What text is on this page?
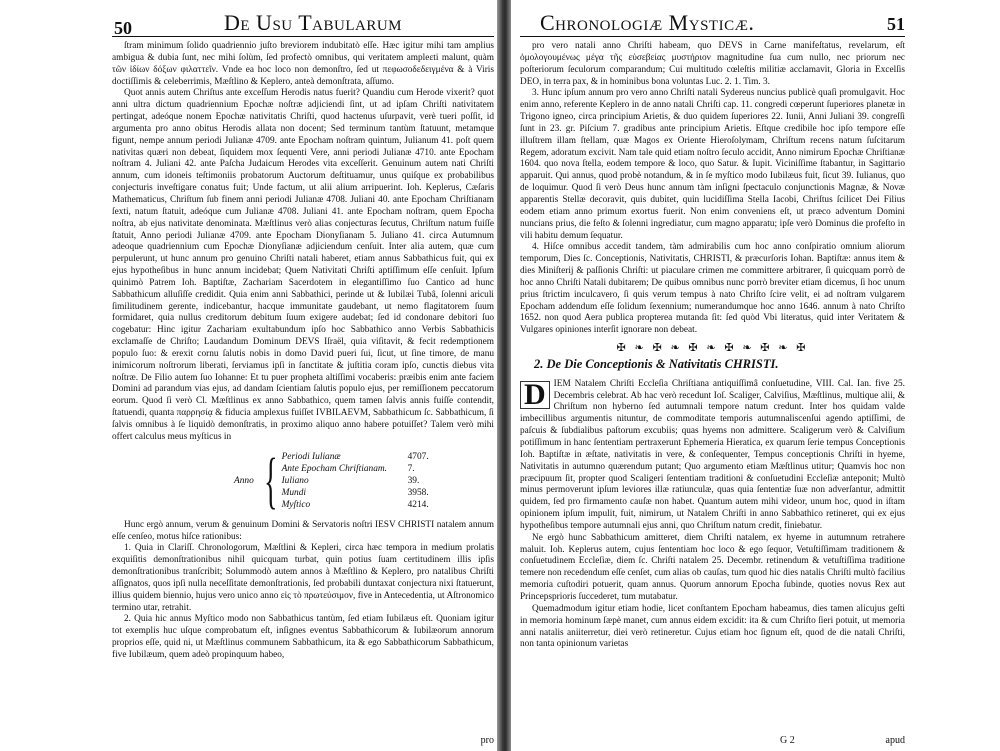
50	De Usu Tabularum

ſtram minimum ſolido quadriennio juſto breviorem indubitatò eſſe. Hæc igitur mihi tam amplius ambigua & dubia ſunt, nec mihi ſolùm, ſed profectò omnibus, qui veritatem ampleɛti malunt, quàm τῶν ἰδίων δόξων φιλαττεῖν. Vnde ea hoc loco non demonſtro, ſed ut πεφωσοδεδειγμένα & à Viris doctiſſimis & celeberrimis, Mæſtlino & Keplero, anteà demonſtrata, aſſumo.

Quot annis autem Chriſtus ante exceſſum Herodis natus fuerit? Quandiu cum Herode vixerit? quot anni ultra dictum quadriennium Epochæ noſtræ adjiciendi ſint, ut ad ipſam Chriſti nativitatem pertingat, adeóque nonem Epochæ nativitatis Chriſti, quod hactenus uſurpavit, verè tueri poſſit, id argumenta pro anno obitus Herodis allata non docent; Sed terminum tantùm ſtatuunt, metamque figunt, nempe annum periodi Julianæ 4709. ante Epocham noſtram quintum, Julianum 41. poſt quem nativitas quæri non debeat, ſiquidem mox ſequenti Vere, anni periodi Julianæ 4710. ante Epocham noſtram 4. Juliani 42. ante Paſcha Judaicum Herodes vita exceſſerit. Genuinum autem nati Chriſti annum, cum idoneis teſtimoniis probatorum Auctorum deſtituamur, unus quiſque ex probabilibus conjecturis inveſtigare conatus fuit; Unde factum, ut alii alium arripuerint. Ioh. Keplerus, Cæſaris Mathematicus, Chriſtum ſub finem anni periodi Julianæ 4708. Juliani 40. ante Epocham Chriſtianam ſexti, natum ſtatuit, adeóque cum Julianæ 4708. Juliani 41. ante Epocham noſtram, quem Epocha noſtra, ab ejus nativitate denominata. Mæſtlinus verò alias conjecturas ſecutus, Chriſtum natum fuiſſe ſtatuit, Anno periodi Julianæ 4709. ante Epocham Dionyſianam 5. Juliano 41. circa Autumnum adeoque quadriennium cum Epochæ Dionyſianæ adjiciendum cenſuit. Inter alia autem, quæ cum perpulerunt, ut hunc annum pro genuino Chriſti natali haberet, etiam annus Sabbathicus fuit, qui ex ejus hypotheſibus in hunc annum incidebat; Quem Nativitati Chriſti aptiſſimum eſſe cenſuit. Ipſum quinimò Patrem Ioh. Baptiſtæ, Zachariam Sacerdotem in elegantiſſimo ſuo Cantico ad hunc Sabbathicum alluſiſſe credidit. Quia enim anni Sabbathici, perinde ut & Iubilæi Tubâ, ſolenni ariculi ſimilitudinem gerente, indicebantur, hacque immunitate gaudebant, ut nemo flagitatorem ſuum formidaret, quia nullus creditorum debitum ſuum exigere audebat; ſed id condonare debitori ſuo cogebatur: Hinc igitur Zachariam exultabundum ipſo hoc Sabbathico anno Verbis Sabbathicis exclamaſſe de Chriſto; Laudandum Dominum DEVS Iſraël, quia viſitavit, & fecit redemptionem populo ſuo: & erexit cornu ſalutis nobis in domo David pueri ſui, ſicut, ut ſine timore, de manu inimicorum noſtrorum liberati, ſerviamus ipſi in ſanctitate & juſtitia coram ipſo, cunctis diebus vita noſtræ. De Filio autem ſuo Iohanne: Et tu puer propheta altiſſimi vocaberis: præibis enim ante faciem Domini ad parandum vias ejus, ad dandam ſcientiam ſalutis populo ejus, per remiſſionem peccatorum eorum. Quod ſi verò Cl. Mæſtlinus ex anno Sabbathico, quem tamen ſalvis annis fuiſſe contendit, ſtatuendi, quanta παρρησίᾳ & fiducia amplexus fuiſſet IVBILAEVM, Sabbathicum ſc. Sabbathicum, ſi ſalvis omnibus à ſe liquidò demonſtratis, in proximo aliquo anno habere potuiſſet? Talem verò mihi offert calculus meus myſticus in

Anno { Periodi Iulianæ	4707.
Ante Epocham Chriſtianam.	7.
Iuliano	39.
Mundi	3958.
Myſtico	4214.

Hunc ergò annum, verum & genuinum Domini & Servatoris noſtri IESV CHRISTI natalem annum eſſe cenſeo, motus hiſce rationibus:

1. Quia in Clariſſ. Chronologorum, Mæſtlini & Kepleri, circa hæc tempora in medium prolatis exquiſitis demonſtrationibus nihil quicquam turbat, quin potius ſuam certitudinem illis ipſis demonſtrationibus tranſcribit; Solummodò autem annos à Mæſtlino & Keplero, pro natalibus Chriſti aſſignatos, quos ipſi nulla neceſſitate demonſtrationis, ſed probabili duntaxat conjectura nixi ſtatuerunt, illius quidem biennio, hujus vero unico anno εἰς τὸ πρωτεύσιμον, five in Antecedentia, ut Aſtronomico termino utar, retrahit.

2. Quia hic annus Myſtico modo non Sabbathicus tantùm, ſed etiam Iubilæus eſt. Quoniam igitur tot exemplis huc uſque comprobatum eſt, inſignes eventus Sabbathicorum & Iubilæorum annorum proprios eſſe, quid ni, ut Mæſtlinus communem Sabbathicum, ita & ego Sabbathicorum Sabbathicum, five Iubilæum, quem adeò propinquum habeo,

pro
Chronologiæ Myſticæ.	51

pro vero natali anno Chriſti habeam, quo DEVS in Carne manifeſtatus, revelarum, eſt ὁμολογουμένως μέγα τῆς εὐσεβείας μυστήριον magnitudine ſua cum nullo, nec priorum nec poſteriorum ſeculorum comparandum; Cui multitudo cœleſtis militiæ acclamavit, Gloria in Excelſis DEO, in terra pax, & in hominibus bona voluntas Luc. 2. 1. Tim. 3.

3. Hunc ipſum annum pro vero anno Chriſti natali Sydereus nuncius publicè quaſi promulgavit. Hoc enim anno, referente Keplero in de anno natali Chriſti cap. 11. congredi cœperunt ſuperiores planetæ in Trigono igneo, circa principium Arietis, & duo quidem ſuperiores 22. Iunii, Anni Juliani 39. congreſſi ſunt in 23. gr. Piſcium 7. gradibus ante principium Arietis. Eſtque credibile hoc ipſo tempore eſſe illuſtrem illam ſtellam, quæ Magos ex Oriente Hieroſolymam, Chriſtum recens natum ſuſcitarum Regem, adoratum excivit. Nam tale quid etiam noſtro ſeculo accidit, Anno nimirum Epochæ Chriſtianæ 1604. quo nova ſtella, eodem tempore & loco, quo Satur. & Iupit. Viciniſſime ſtabantur, in Sagittario apparuit. Qui annus, quod probè notandum, & in ſe myſtico modo Iubilæus fuit, ſicut 39. Iulianus, quo de loquimur. Quod ſi verò Deus hunc annum tàm inſigni ſpectaculo conjunctionis Magnæ, & Novæ apparentis Stellæ decoravit, quis dubitet, quin lucidiſſima Stella Iacobi, Chriſtus ſcilicet Dei Filius eodem etiam anno primum exortus fuerit. Non enim conveniens eſt, ut præco adventum Domini nuncians prius, die feſto & ſolenni ingrediatur, cum magno apparatu; ipſe verò Dominus die profeſto in vili habitu demum ſequatur.

4. Hiſce omnibus accedit tandem, tàm admirabilis cum hoc anno conſpiratio omnium aliorum temporum, Dies ſc. Conceptionis, Nativitatis, CHRISTI, & præcurſoris Iohan. Baptiſtæ: annus item & dies Miniſterij & paſſionis Chriſti: ut piaculare crimen me committere arbitrarer, ſi quicquam porrò de hoc anno Chriſti Natali dubitarem; De quibus omnibus nunc porrò breviter etiam dicemus, ſi hoc unum prius ſtrictim inculcavero, ſi quis verum tempus à nato Chriſto ſcire velit, ei ad noſtram vulgarem Epocham addendum eſſe ſolidum ſexennium; numerandumque hoc anno 1646. annum à nato Chriſto 1652. non quod Aera publica propterea mutanda ſit: ſed quòd Vbi literatus, quid inter Veritatem & Vulgares opiniones interſit ignorare non debeat.

✠ ❧ ✠ ❧ ✠ ❧ ✠ ❧ ✠ ❧ ✠
2. De Die Conceptionis & Nativitatis CHRISTI.
D IEM Natalem Chriſti Eccleſia Chriſtiana antiquiſſimâ conſuetudine, VIII. Cal. Ian. five 25. Decembris celebrat. Ab hac verò recedunt Ioſ. Scaliger, Calviſius, Mæſtlinus, multique alii, & Chriſtum non hyberno ſed autumnali tempore natum credunt. Inter hos quidam valde imbecillibus argumentis nituntur, de commoditate temporis autumnaliscenſui agendo aptiſſimi, de paſcuis & ſubdialibus paſtorum excubiis; quas hyems non admittere. Scaligerum verò & Calviſium potiſſimum in hanc ſententiam pertraxerunt Ephemeria Hieratica, ex quarum ſerie tempus Conceptionis Ioh. Baptiſtæ in æſtate, nativitatis in vere, & conſequenter, Tempus conceptionis Chriſti in hyeme, Nativitatis in autumno quærendum putant; Quo argumento etiam Mæſtlinus utitur; Quamvis hoc non præcipuum ſit, propter quod Scaligeri ſententiam traditioni & conſuetudini Eccleſiæ anteponit; Multò minus permoverunt ipſum leviores illæ ratiunculæ, quas quia ſententiæ ſuæ non adverſantur, admittit quidem, ſed pro firmamento cauſæ non habet. Quantum autem mihi videor, unum hoc, quod in iſtam opinionem ipſum impulit, fuit, nimirum, ut Natalem Chriſti in anno Sabbathico retineret, qui ex ejus hypotheſibus tempore autumnali ejus anni, quo Chriſtum natum credit, finiebatur.

Ne ergò hunc Sabbathicum amitteret, diem Chriſti natalem, ex hyeme in autumnum retrahere maluit. Ioh. Keplerus autem, cujus ſententiam hoc loco & ego ſequor, Vetuſtiſſimam traditionem & conſuetudinem Eccleſiæ, diem ſc. Chriſti natalem 25. Decembr. retinendum & vetuſtiſſima traditione temere non recedendum eſſe cenſet, cum alias ob cauſas, tum quod hic dies natalis Chriſti multò facilius memoria cuſtodiri potuerit, quam annus. Quorum annorum Epocha ſubinde, quoties novus Rex aut Princepsprioris ſuccederet, tum mutabatur.

Quemadmodum igitur etiam hodie, licet conſtantem Epocham habeamus, dies tamen alicujus geſti in memoria hominum ſæpè manet, cum annus eidem excidit: ita & cum Chriſto ſieri potuit, ut memoria anni natalis aniiterretur, diei verò retineretur. Cujus etiam hoc ſignum eſt, quod de die natali Chriſti, non tanta opinionum varietas

G 2	apud
